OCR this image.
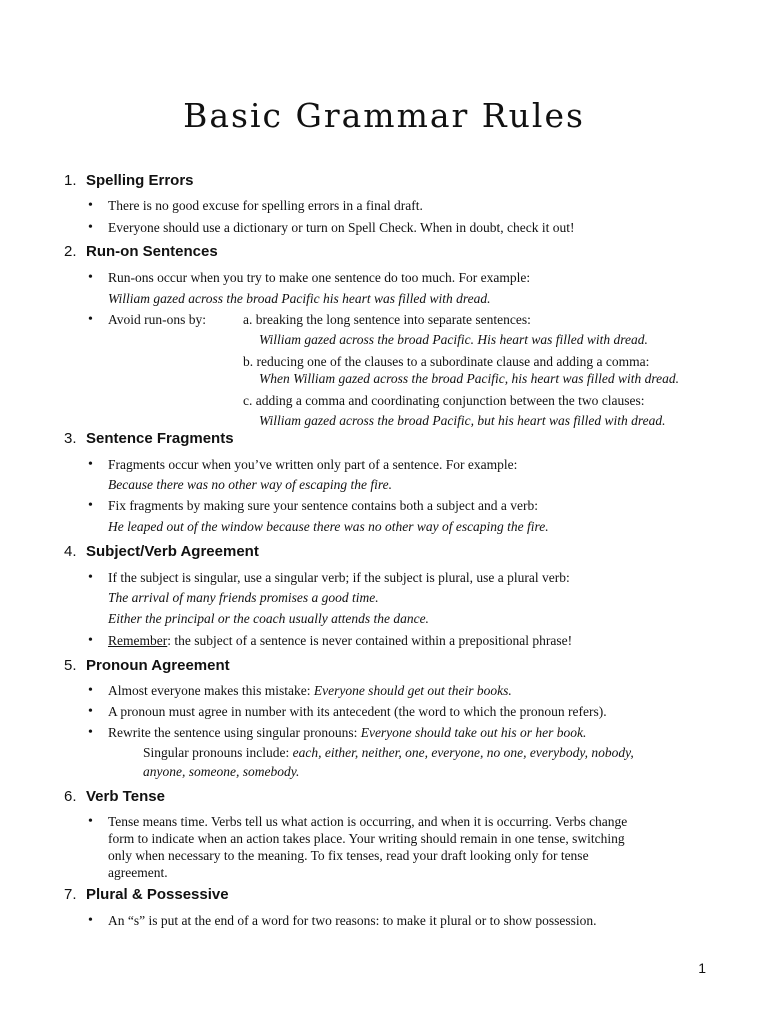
Basic Grammar Rules
1. Spelling Errors
• There is no good excuse for spelling errors in a final draft.
• Everyone should use a dictionary or turn on Spell Check. When in doubt, check it out!
2. Run-on Sentences
• Run-ons occur when you try to make one sentence do too much. For example:
William gazed across the broad Pacific his heart was filled with dread.
• Avoid run-ons by:	a. breaking the long sentence into separate sentences:
William gazed across the broad Pacific. His heart was filled with dread.
b. reducing one of the clauses to a subordinate clause and adding a comma:
When William gazed across the broad Pacific, his heart was filled with dread.
c. adding a comma and coordinating conjunction between the two clauses:
William gazed across the broad Pacific, but his heart was filled with dread.
3. Sentence Fragments
• Fragments occur when you’ve written only part of a sentence. For example:
Because there was no other way of escaping the fire.
• Fix fragments by making sure your sentence contains both a subject and a verb:
He leaped out of the window because there was no other way of escaping the fire.
4. Subject/Verb Agreement
• If the subject is singular, use a singular verb; if the subject is plural, use a plural verb:
The arrival of many friends promises a good time.
Either the principal or the coach usually attends the dance.
• Remember: the subject of a sentence is never contained within a prepositional phrase!
5. Pronoun Agreement
• Almost everyone makes this mistake: Everyone should get out their books.
• A pronoun must agree in number with its antecedent (the word to which the pronoun refers).
• Rewrite the sentence using singular pronouns: Everyone should take out his or her book.
Singular pronouns include: each, either, neither, one, everyone, no one, everybody, nobody,
anyone, someone, somebody.
6. Verb Tense
• Tense means time. Verbs tell us what action is occurring, and when it is occurring. Verbs change
form to indicate when an action takes place. Your writing should remain in one tense, switching
only when necessary to the meaning. To fix tenses, read your draft looking only for tense
agreement.
7. Plural & Possessive
• An “s” is put at the end of a word for two reasons: to make it plural or to show possession.
1
